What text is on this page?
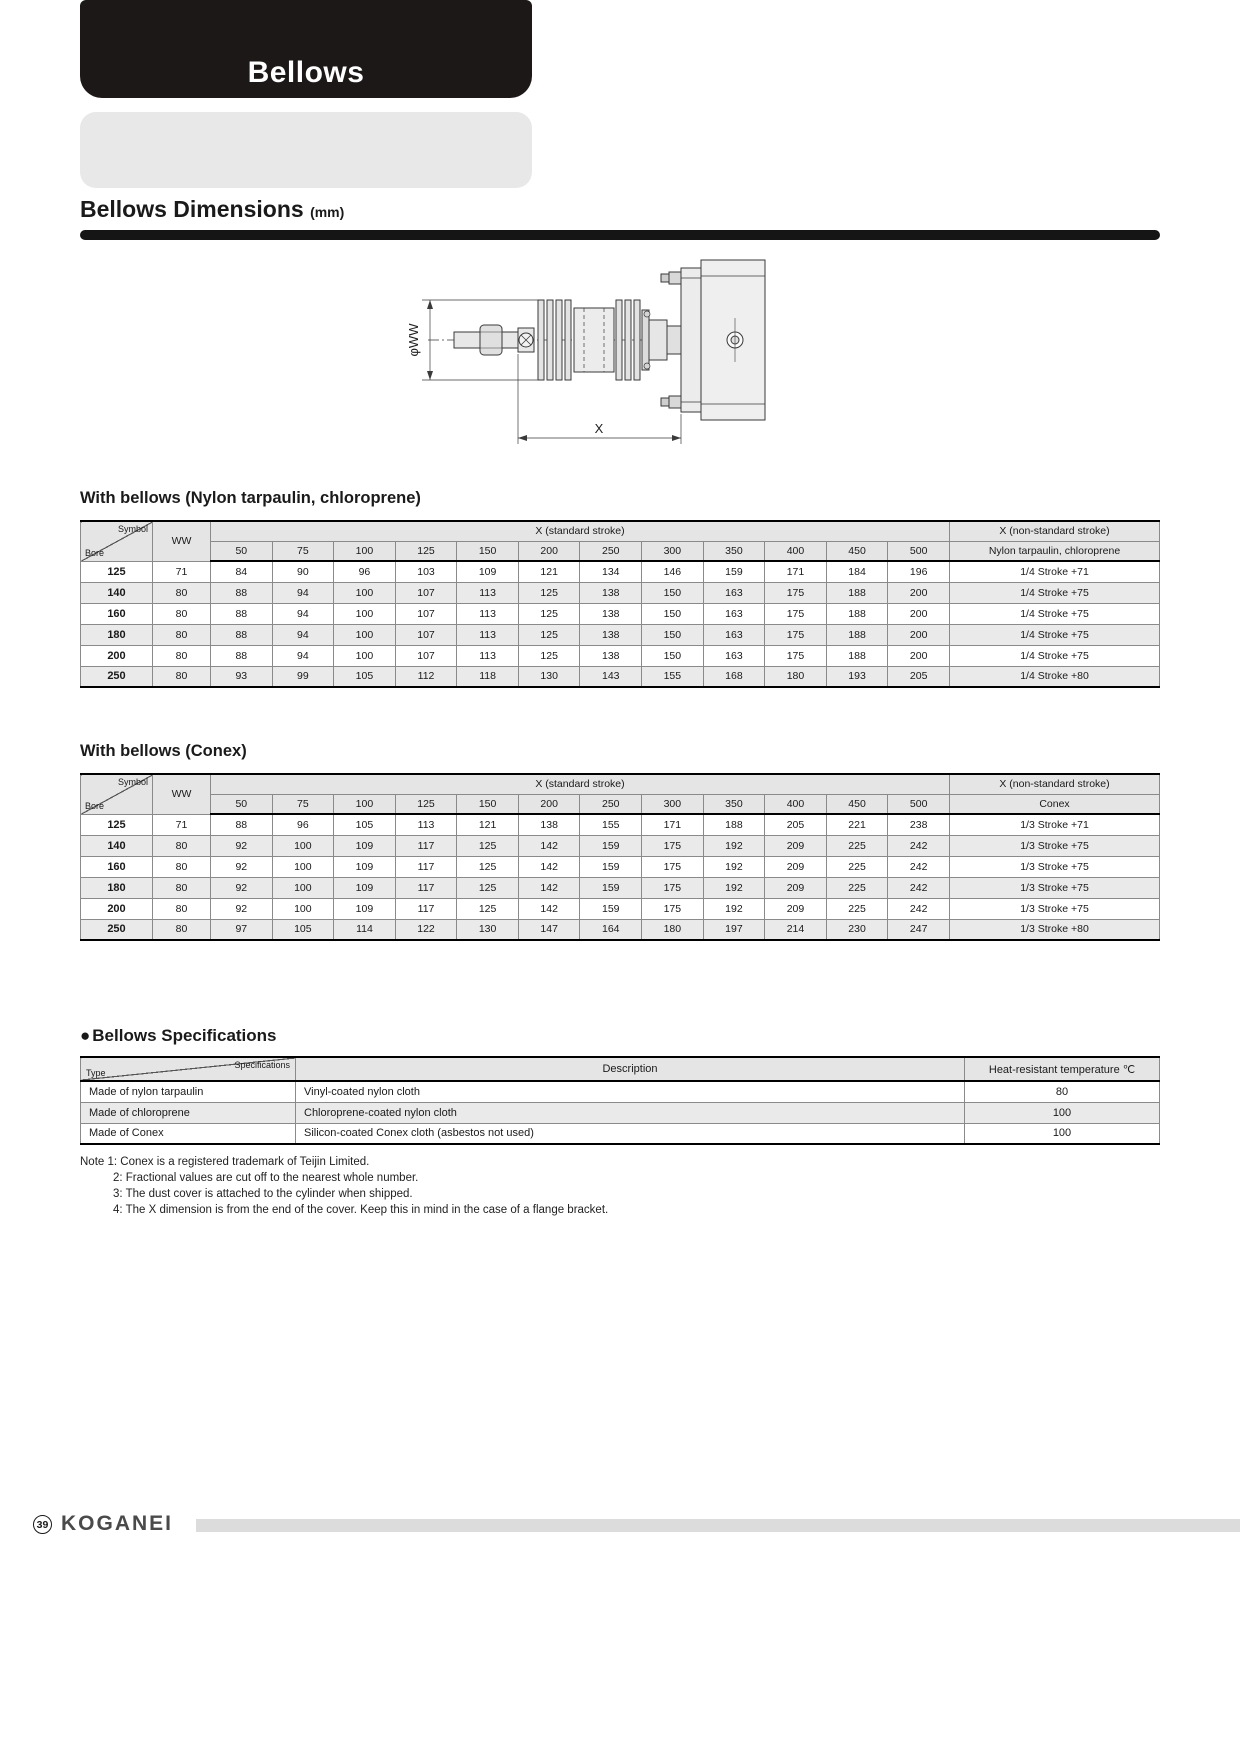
Bellows
Bellows Dimensions (mm)
φWW
X
With bellows (Nylon tarpaulin, chloroprene)
Symbol
Bore	WW	X (standard stroke)												X (non-standard stroke)
		50	75	100	125	150	200	250	300	350	400	450	500	Nylon tarpaulin, chloroprene
125	71	84	90	96	103	109	121	134	146	159	171	184	196	1/4 Stroke +71
140	80	88	94	100	107	113	125	138	150	163	175	188	200	1/4 Stroke +75
160	80	88	94	100	107	113	125	138	150	163	175	188	200	1/4 Stroke +75
180	80	88	94	100	107	113	125	138	150	163	175	188	200	1/4 Stroke +75
200	80	88	94	100	107	113	125	138	150	163	175	188	200	1/4 Stroke +75
250	80	93	99	105	112	118	130	143	155	168	180	193	205	1/4 Stroke +80
With bellows (Conex)
Symbol
Bore	WW	X (standard stroke)												X (non-standard stroke)
		50	75	100	125	150	200	250	300	350	400	450	500	Conex
125	71	88	96	105	113	121	138	155	171	188	205	221	238	1/3 Stroke +71
140	80	92	100	109	117	125	142	159	175	192	209	225	242	1/3 Stroke +75
160	80	92	100	109	117	125	142	159	175	192	209	225	242	1/3 Stroke +75
180	80	92	100	109	117	125	142	159	175	192	209	225	242	1/3 Stroke +75
200	80	92	100	109	117	125	142	159	175	192	209	225	242	1/3 Stroke +75
250	80	97	105	114	122	130	147	164	180	197	214	230	247	1/3 Stroke +80
● Bellows Specifications
Specifications
Type	Description	Heat-resistant temperature ℃
Made of nylon tarpaulin	Vinyl-coated nylon cloth	80
Made of chloroprene	Chloroprene-coated nylon cloth	100
Made of Conex	Silicon-coated Conex cloth (asbestos not used)	100
Note 1: Conex is a registered trademark of Teijin Limited.
2: Fractional values are cut off to the nearest whole number.
3: The dust cover is attached to the cylinder when shipped.
4: The X dimension is from the end of the cover. Keep this in mind in the case of a flange bracket.
39 KOGANEI
